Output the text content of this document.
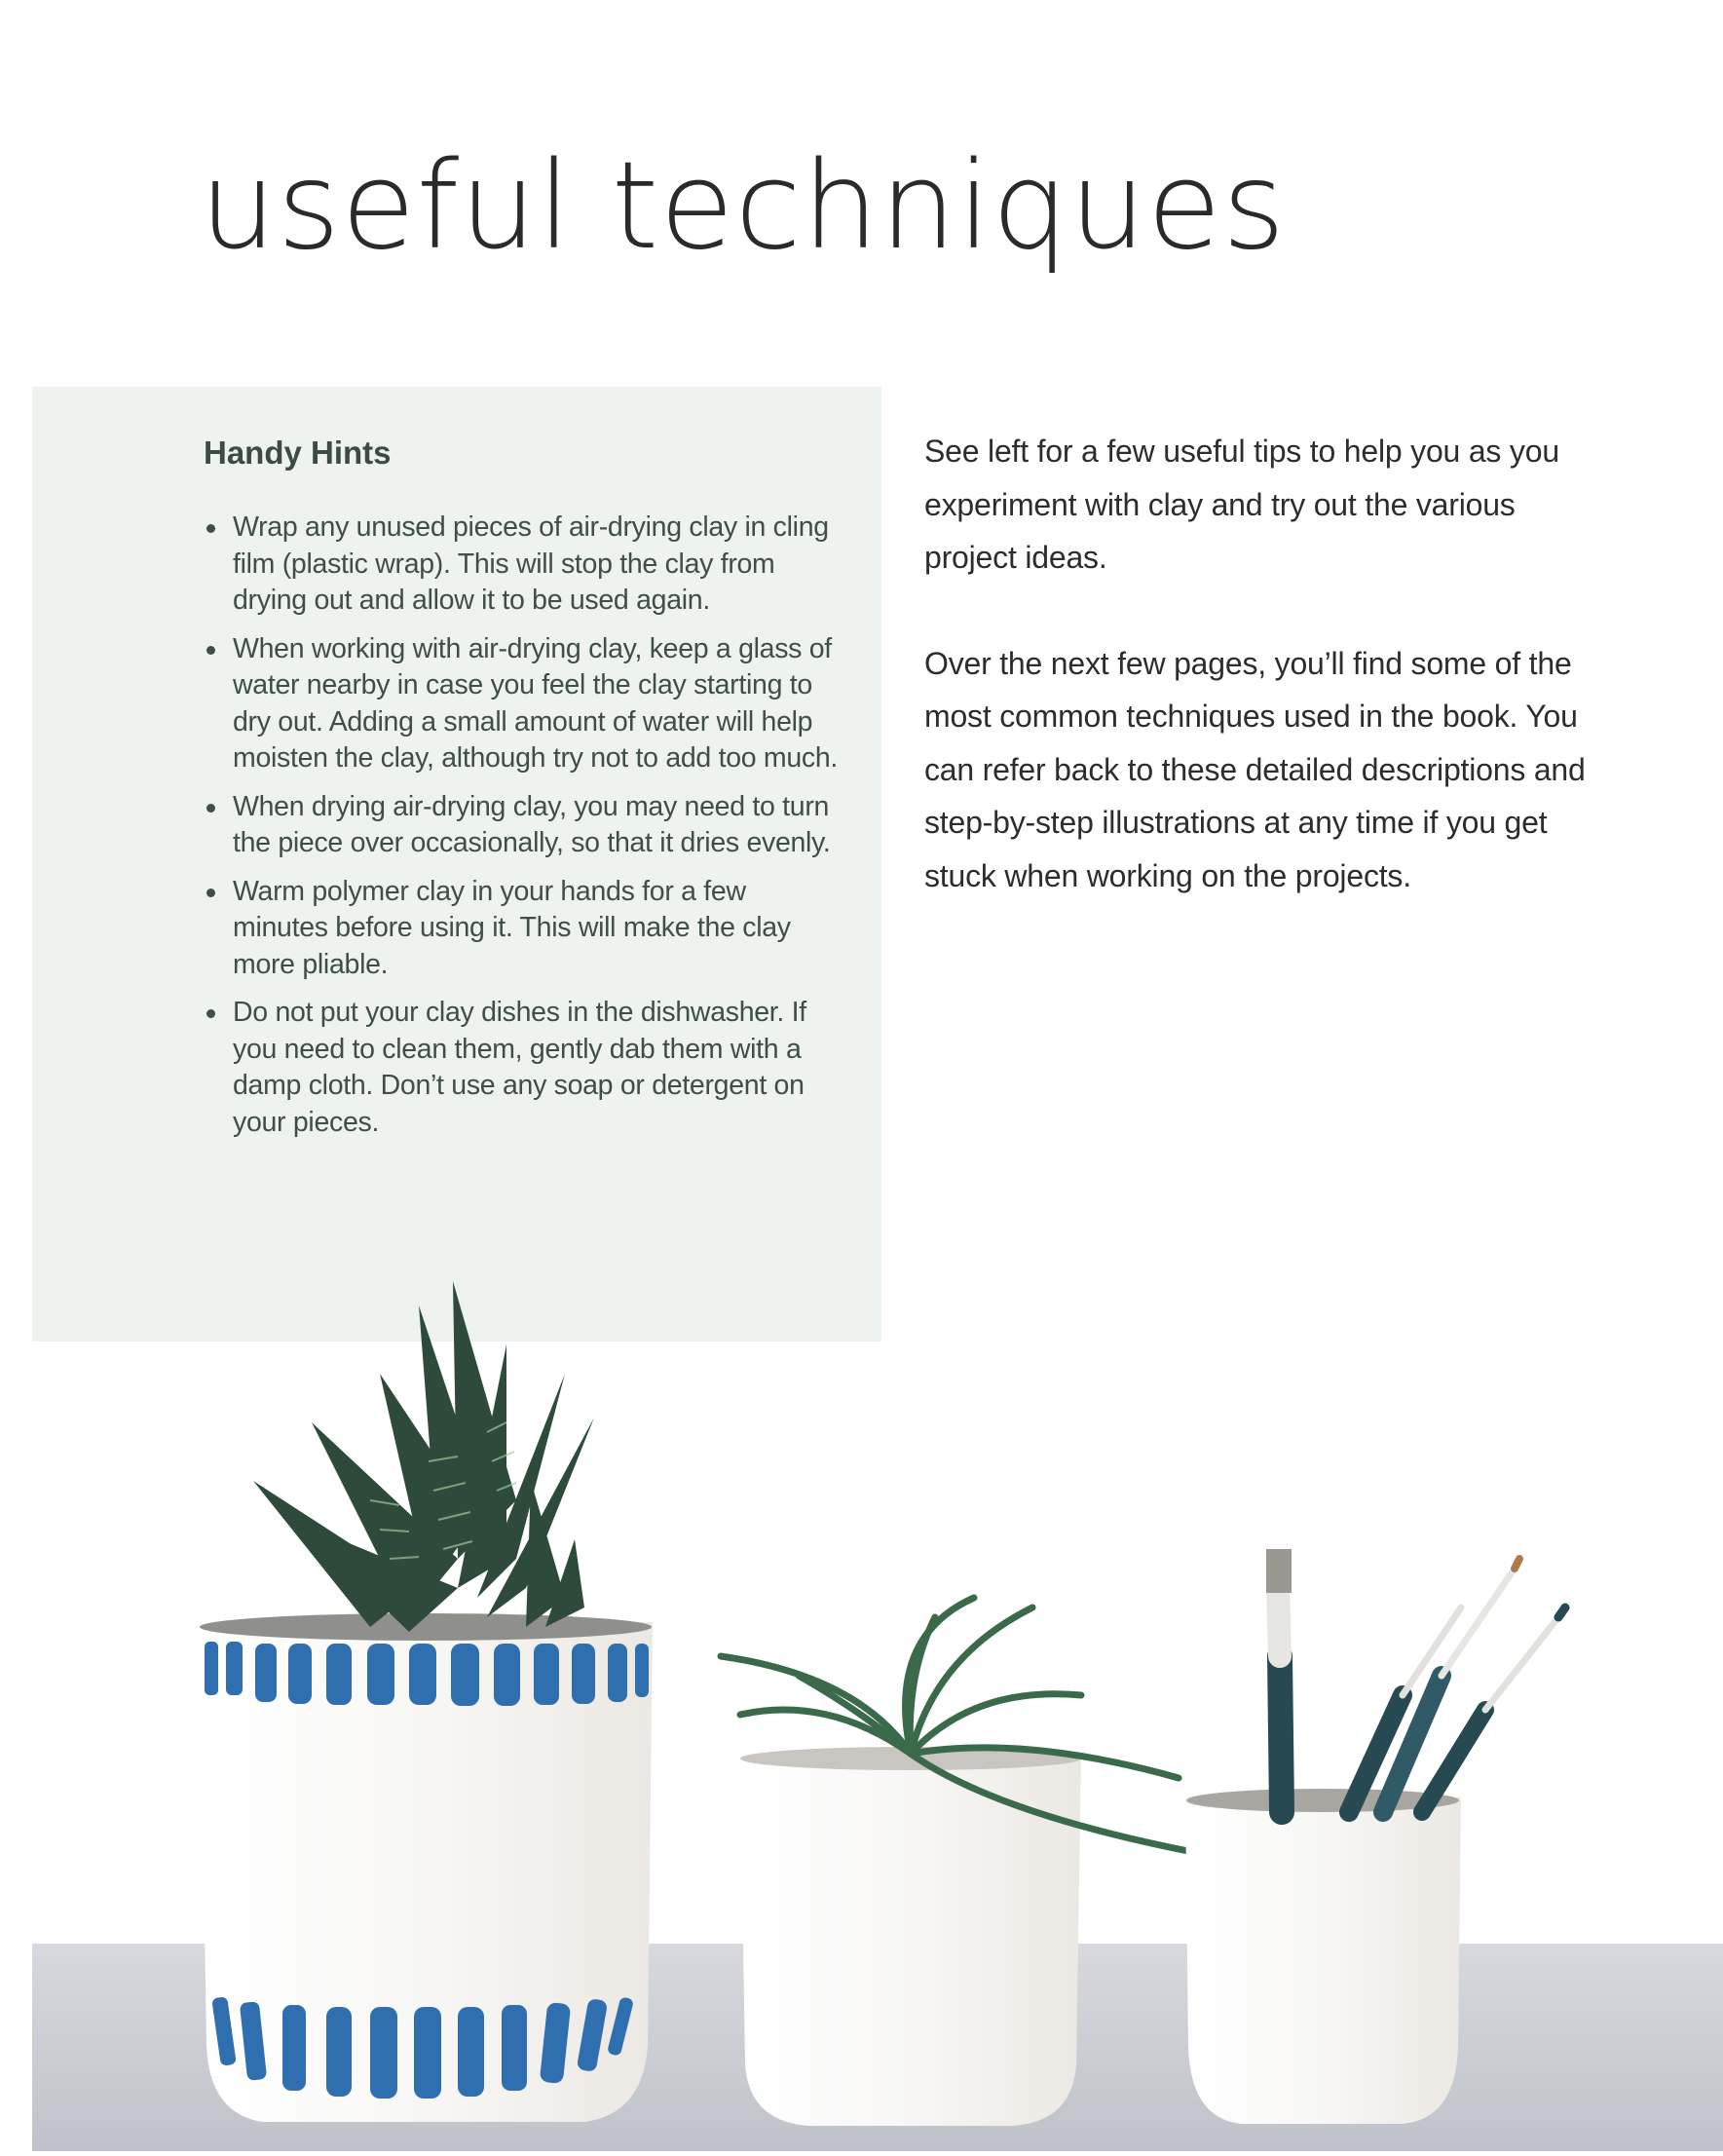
useful techniques
Handy Hints
Wrap any unused pieces of air-drying clay in cling film (plastic wrap). This will stop the clay from drying out and allow it to be used again.
When working with air-drying clay, keep a glass of water nearby in case you feel the clay starting to dry out. Adding a small amount of water will help moisten the clay, although try not to add too much.
When drying air-drying clay, you may need to turn the piece over occasionally, so that it dries evenly.
Warm polymer clay in your hands for a few minutes before using it. This will make the clay more pliable.
Do not put your clay dishes in the dishwasher. If you need to clean them, gently dab them with a damp cloth. Don’t use any soap or detergent on your pieces.

See left for a few useful tips to help you as you experiment with clay and try out the various project ideas.

Over the next few pages, you’ll find some of the most common techniques used in the book. You can refer back to these detailed descriptions and step-by-step illustrations at any time if you get stuck when working on the projects.
